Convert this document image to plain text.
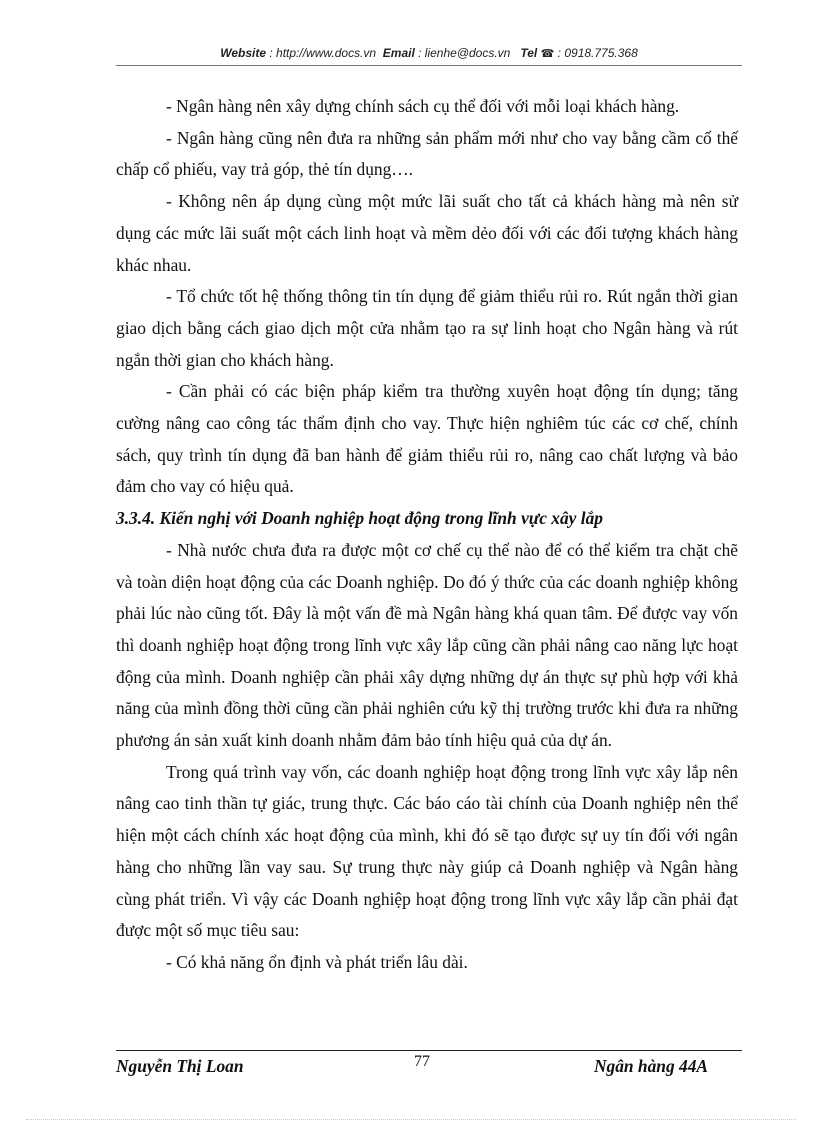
Website : http://www.docs.vn Email : lienhe@docs.vn Tel ☎ : 0918.775.368

- Ngân hàng nên xây dựng chính sách cụ thể đối với mỗi loại khách hàng.

- Ngân hàng cũng nên đưa ra những sản phẩm mới như cho vay bằng cầm cố thế chấp cổ phiếu, vay trả góp, thẻ tín dụng….

- Không nên áp dụng cùng một mức lãi suất cho tất cả khách hàng mà nên sử dụng các mức lãi suất một cách linh hoạt và mềm dẻo đối với các đối tượng khách hàng khác nhau.

- Tổ chức tốt hệ thống thông tin tín dụng để giảm thiểu rủi ro. Rút ngắn thời gian giao dịch bằng cách giao dịch một cửa nhằm tạo ra sự linh hoạt cho Ngân hàng và rút ngắn thời gian cho khách hàng.

- Cần phải có các biện pháp kiểm tra thường xuyên hoạt động tín dụng; tăng cường nâng cao công tác thẩm định cho vay. Thực hiện nghiêm túc các cơ chế, chính sách, quy trình tín dụng đã ban hành để giảm thiểu rủi ro, nâng cao chất lượng và bảo đảm cho vay có hiệu quả.

3.3.4. Kiến nghị với Doanh nghiệp hoạt động trong lĩnh vực xây lắp

- Nhà nước chưa đưa ra được một cơ chế cụ thể nào để có thể kiểm tra chặt chẽ và toàn diện hoạt động của các Doanh nghiệp. Do đó ý thức của các doanh nghiệp không phải lúc nào cũng tốt. Đây là một vấn đề mà Ngân hàng khá quan tâm. Để được vay vốn thì doanh nghiệp hoạt động trong lĩnh vực xây lắp cũng cần phải nâng cao năng lực hoạt động của mình. Doanh nghiệp cần phải xây dựng những dự án thực sự phù hợp với khả năng của mình đồng thời cũng cần phải nghiên cứu kỹ thị trường trước khi đưa ra những phương án sản xuất kinh doanh nhằm đảm bảo tính hiệu quả của dự án.

Trong quá trình vay vốn, các doanh nghiệp hoạt động trong lĩnh vực xây lắp nên nâng cao tinh thần tự giác, trung thực. Các báo cáo tài chính của Doanh nghiệp nên thể hiện một cách chính xác hoạt động của mình, khi đó sẽ tạo được sự uy tín đối với ngân hàng cho những lần vay sau. Sự trung thực này giúp cả Doanh nghiệp và Ngân hàng cùng phát triển. Vì vậy các Doanh nghiệp hoạt động trong lĩnh vực xây lắp cần phải đạt được một số mục tiêu sau:

- Có khả năng ổn định và phát triển lâu dài.

Nguyễn Thị Loan	77	Ngân hàng 44A
